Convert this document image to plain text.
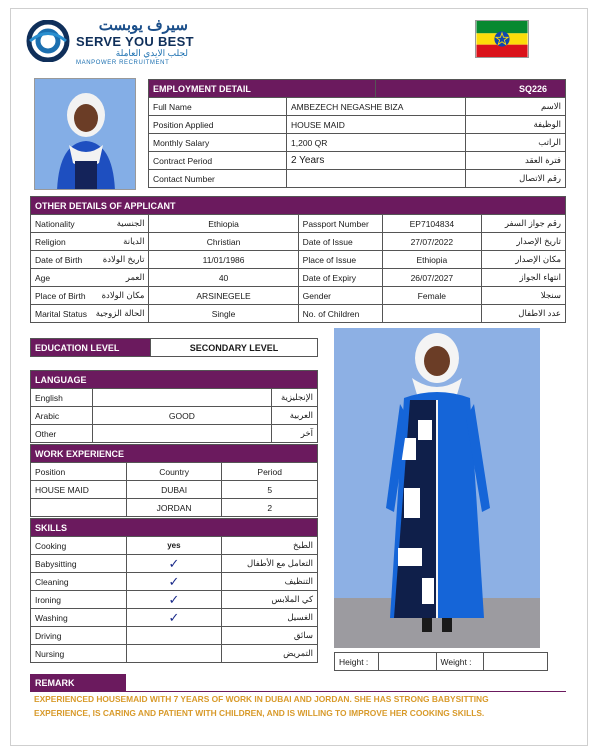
سيرف يوبست
SERVE YOU BEST
لجلب الايدي العاملة
MANPOWER RECRUITMENT
EMPLOYMENT DETAIL		SQ226	
Full Name	AMBEZECH NEGASHE BIZA		الاسم
Position Applied	HOUSE MAID		الوظيفة
Monthly Salary	1,200 QR		الراتب
Contract Period	2 Years		فترة العقد
Contact Number			رقم الاتصال
OTHER DETAILS OF APPLICANT					
Nationality	الجنسية	Ethiopia	Passport Number	EP7104834	رقم جواز السفر
Religion	الديانة	Christian	Date of Issue	27/07/2022	تاريخ الإصدار
Date of Birth	تاريخ الولادة	11/01/1986	Place of Issue	Ethiopia	مكان الإصدار
Age	العمر	40	Date of Expiry	26/07/2027	انتهاء الجواز
Place of Birth	مكان الولادة	ARSINEGELE	Gender	Female	سنجلا
Marital Status	الحالة الزوجية	Single	No. of Children		عدد الاطفال
EDUCATION LEVEL	SECONDARY LEVEL
LANGUAGE		
English		الإنجليزية
Arabic	GOOD	العربية
Other		آخر
WORK EXPERIENCE		
Position	Country	Period
HOUSE MAID	DUBAI	5
	JORDAN	2
SKILLS		
Cooking	yes	الطبخ
Babysitting	✓	التعامل مع الأطفال
Cleaning	✓	التنظيف
Ironing	✓	كي الملابس
Washing	✓	الغسيل
Driving		سائق
Nursing		التمريض
Height :		Weight :	
REMARK
EXPERIENCED HOUSEMAID WITH 7 YEARS OF WORK IN DUBAI AND JORDAN. SHE HAS STRONG BABYSITTING EXPERIENCE, IS CARING AND PATIENT WITH CHILDREN, AND IS WILLING TO IMPROVE HER COOKING SKILLS.
